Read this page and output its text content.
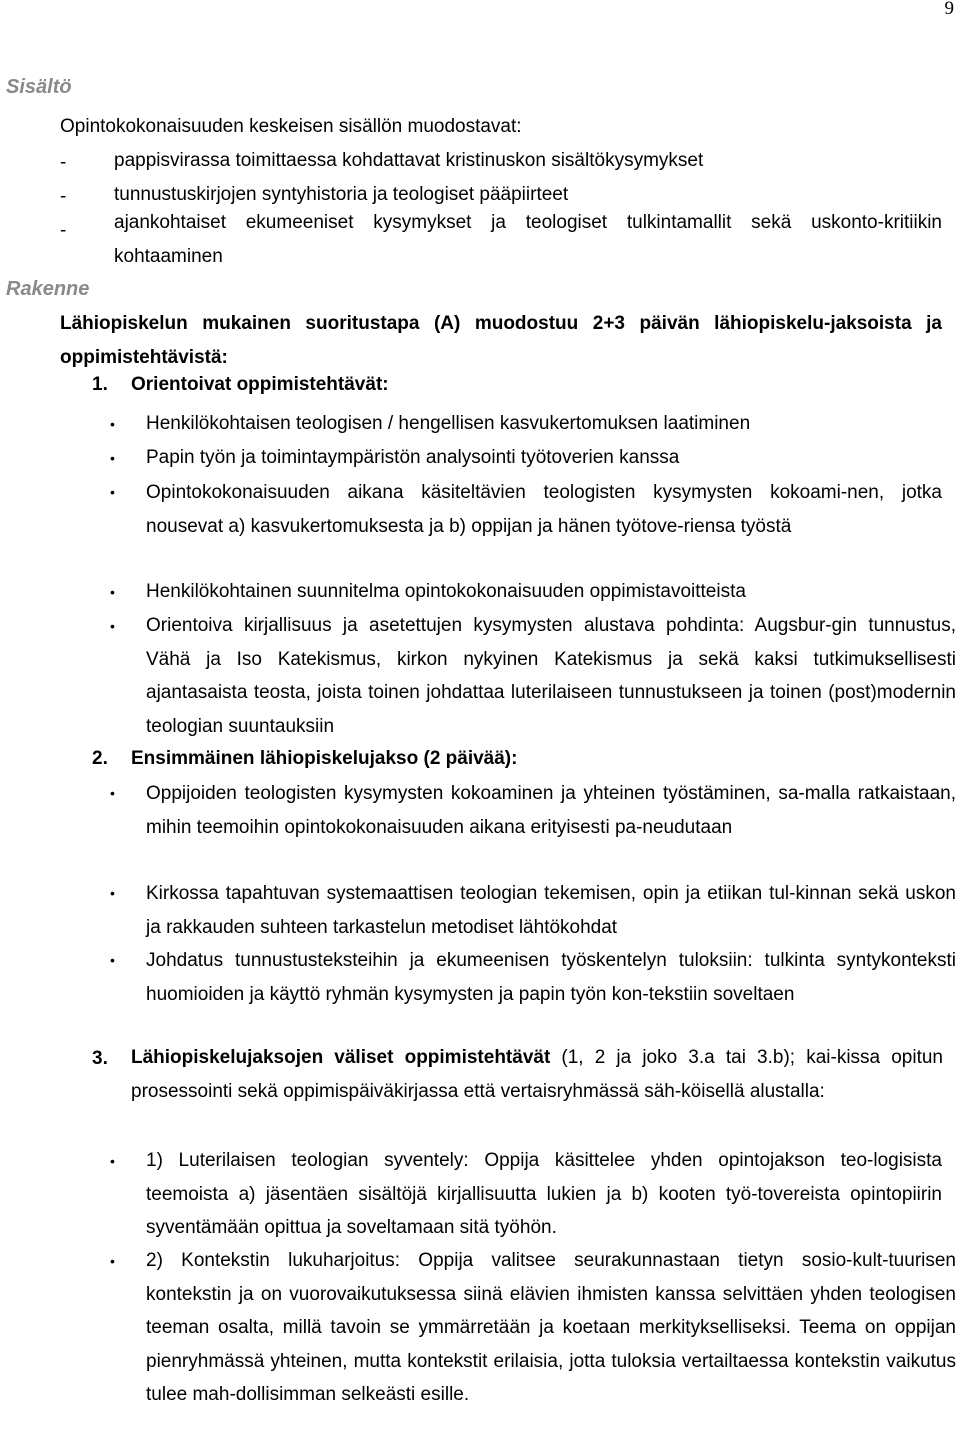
9
Sisältö
Opintokokonaisuuden keskeisen sisällön muodostavat:
-	pappisvirassa toimittaessa kohdattavat kristinuskon sisältökysymykset
-	tunnustuskirjojen syntyhistoria ja teologiset pääpiirteet
-	ajankohtaiset ekumeeniset kysymykset ja teologiset tulkintamallit sekä uskonto-kritiikin kohtaaminen
Rakenne
Lähiopiskelun mukainen suoritustapa (A) muodostuu 2+3 päivän lähiopiskelu-jaksoista ja oppimistehtävistä:
1. Orientoivat oppimistehtävät:
• Henkilökohtaisen teologisen / hengellisen kasvukertomuksen laatiminen
• Papin työn ja toimintaympäristön analysointi työtoverien kanssa
• Opintokokonaisuuden aikana käsiteltävien teologisten kysymysten kokoami-nen, jotka nousevat a) kasvukertomuksesta ja b) oppijan ja hänen työtove-riensa työstä
• Henkilökohtainen suunnitelma opintokokonaisuuden oppimistavoitteista
• Orientoiva kirjallisuus ja asetettujen kysymysten alustava pohdinta: Augsbur-gin tunnustus, Vähä ja Iso Katekismus, kirkon nykyinen Katekismus ja sekä kaksi tutkimuksellisesti ajantasaista teosta, joista toinen johdattaa luterilaiseen tunnustukseen ja toinen (post)modernin teologian suuntauksiin
2. Ensimmäinen lähiopiskelujakso (2 päivää):
• Oppijoiden teologisten kysymysten kokoaminen ja yhteinen työstäminen, sa-malla ratkaistaan, mihin teemoihin opintokokonaisuuden aikana erityisesti pa-neudutaan
• Kirkossa tapahtuvan systemaattisen teologian tekemisen, opin ja etiikan tul-kinnan sekä uskon ja rakkauden suhteen tarkastelun metodiset lähtökohdat
• Johdatus tunnustusteksteihin ja ekumeenisen työskentelyn tuloksiin: tulkinta syntykonteksti huomioiden ja käyttö ryhmän kysymysten ja papin työn kon-tekstiin soveltaen
3. Lähiopiskelujaksojen väliset oppimistehtävät (1, 2 ja joko 3.a tai 3.b); kai-kissa opitun prosessointi sekä oppimispäiväkirjassa että vertaisryhmässä säh-köisellä alustalla:
• 1) Luterilaisen teologian syventely: Oppija käsittelee yhden opintojakson teo-logisista teemoista a) jäsentäen sisältöjä kirjallisuutta lukien ja b) kooten työ-tovereista opintopiirin syventämään opittua ja soveltamaan sitä työhön.
• 2) Kontekstin lukuharjoitus: Oppija valitsee seurakunnastaan tietyn sosio-kult-tuurisen kontekstin ja on vuorovaikutuksessa siinä elävien ihmisten kanssa selvittäen yhden teologisen teeman osalta, millä tavoin se ymmärretään ja koetaan merkitykselliseksi. Teema on oppijan pienryhmässä yhteinen, mutta kontekstit erilaisia, jotta tuloksia vertailtaessa kontekstin vaikutus tulee mah-dollisimman selkeästi esille.
